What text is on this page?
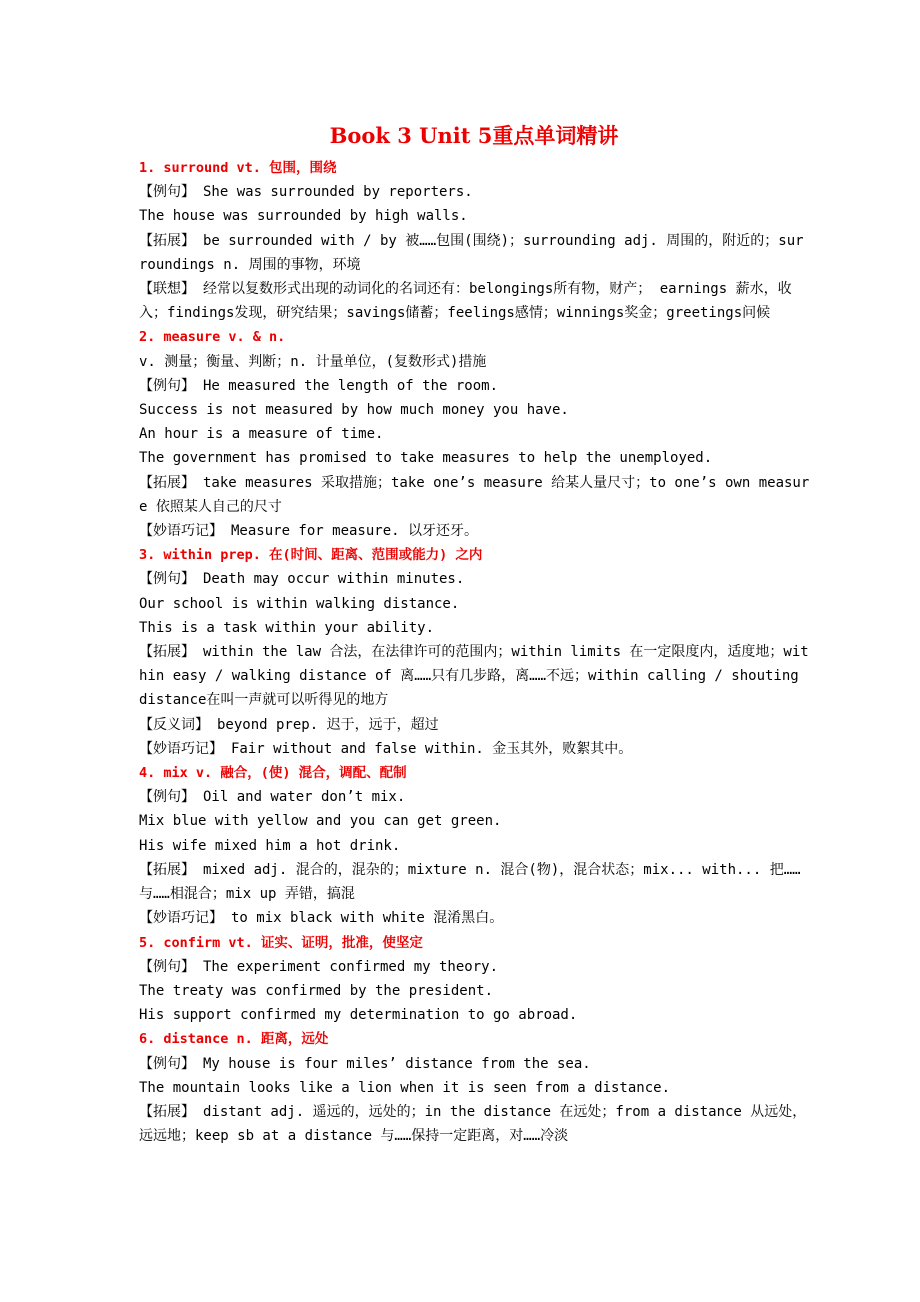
Book 3 Unit 5重点单词精讲
1. surround vt. 包围，围绕
【例句】 She was surrounded by reporters.
The house was surrounded by high walls.
【拓展】 be surrounded with / by 被……包围(围绕)；surrounding adj. 周围的，附近的；surroundings n. 周围的事物，环境
【联想】 经常以复数形式出现的动词化的名词还有：belongings所有物，财产； earnings 薪水，收入；findings发现，研究结果；savings储蓄；feelings感情；winnings奖金；greetings问候
2. measure v. & n.
v. 测量；衡量、判断；n. 计量单位，(复数形式)措施
【例句】 He measured the length of the room.
Success is not measured by how much money you have.
An hour is a measure of time.
The government has promised to take measures to help the unemployed.
【拓展】 take measures 采取措施；take one’s measure 给某人量尺寸；to one’s own measure 依照某人自己的尺寸
【妙语巧记】 Measure for measure. 以牙还牙。
3. within prep. 在(时间、距离、范围或能力) 之内
【例句】 Death may occur within minutes.
Our school is within walking distance.
This is a task within your ability.
【拓展】 within the law 合法，在法律许可的范围内；within limits 在一定限度内，适度地；within easy / walking distance of 离……只有几步路，离……不远；within calling / shouting distance在叫一声就可以听得见的地方
【反义词】 beyond prep. 迟于，远于，超过
【妙语巧记】 Fair without and false within. 金玉其外，败絮其中。
4. mix v. 融合，(使) 混合，调配、配制
【例句】 Oil and water don’t mix.
Mix blue with yellow and you can get green.
His wife mixed him a hot drink.
【拓展】 mixed adj. 混合的，混杂的；mixture n. 混合(物)，混合状态；mix... with... 把……与……相混合；mix up 弄错，搞混
【妙语巧记】 to mix black with white 混淆黑白。
5. confirm vt. 证实、证明，批准，使坚定
【例句】 The experiment confirmed my theory.
The treaty was confirmed by the president.
His support confirmed my determination to go abroad.
6. distance n. 距离，远处
【例句】 My house is four miles’ distance from the sea.
The mountain looks like a lion when it is seen from a distance.
【拓展】 distant adj. 遥远的，远处的；in the distance 在远处；from a distance 从远处，远远地；keep sb at a distance 与……保持一定距离，对……冷淡
